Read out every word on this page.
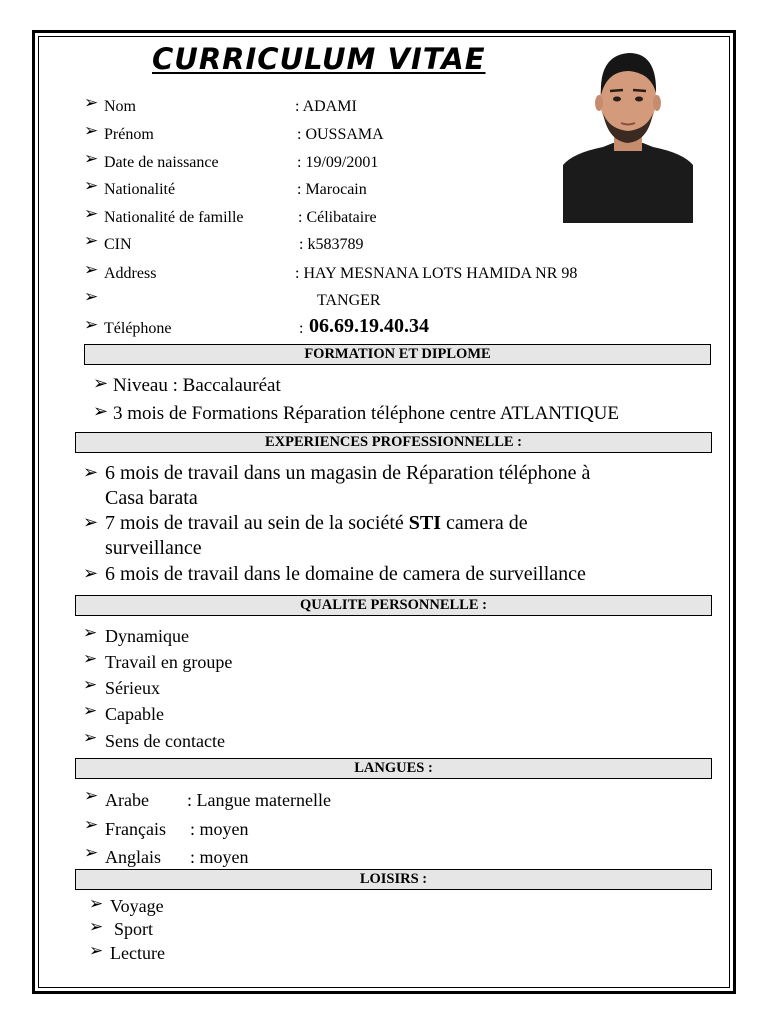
CURRICULUM VITAE
➢ Nom	: ADAMI
➢ Prénom	: OUSSAMA
➢ Date de naissance	: 19/09/2001
➢ Nationalité	: Marocain
➢ Nationalité de famille	: Célibataire
➢ CIN	: k583789
➢ Address	: HAY MESNANA LOTS HAMIDA NR 98
➢	TANGER
➢ Téléphone	: 06.69.19.40.34
FORMATION ET DIPLOME
➢ Niveau : Baccalauréat
➢ 3 mois de Formations Réparation téléphone centre ATLANTIQUE
EXPERIENCES PROFESSIONNELLE :
➢ 6 mois de travail dans un magasin de Réparation téléphone à
Casa barata
➢ 7 mois de travail au sein de la société STI camera de
surveillance
➢ 6 mois de travail dans le domaine de camera de surveillance
QUALITE PERSONNELLE :
➢ Dynamique
➢ Travail en groupe
➢ Sérieux
➢ Capable
➢ Sens de contacte
LANGUES :
➢ Arabe : Langue maternelle
➢ Français : moyen
➢ Anglais : moyen
LOISIRS :
➢ Voyage
➢ Sport
➢ Lecture
